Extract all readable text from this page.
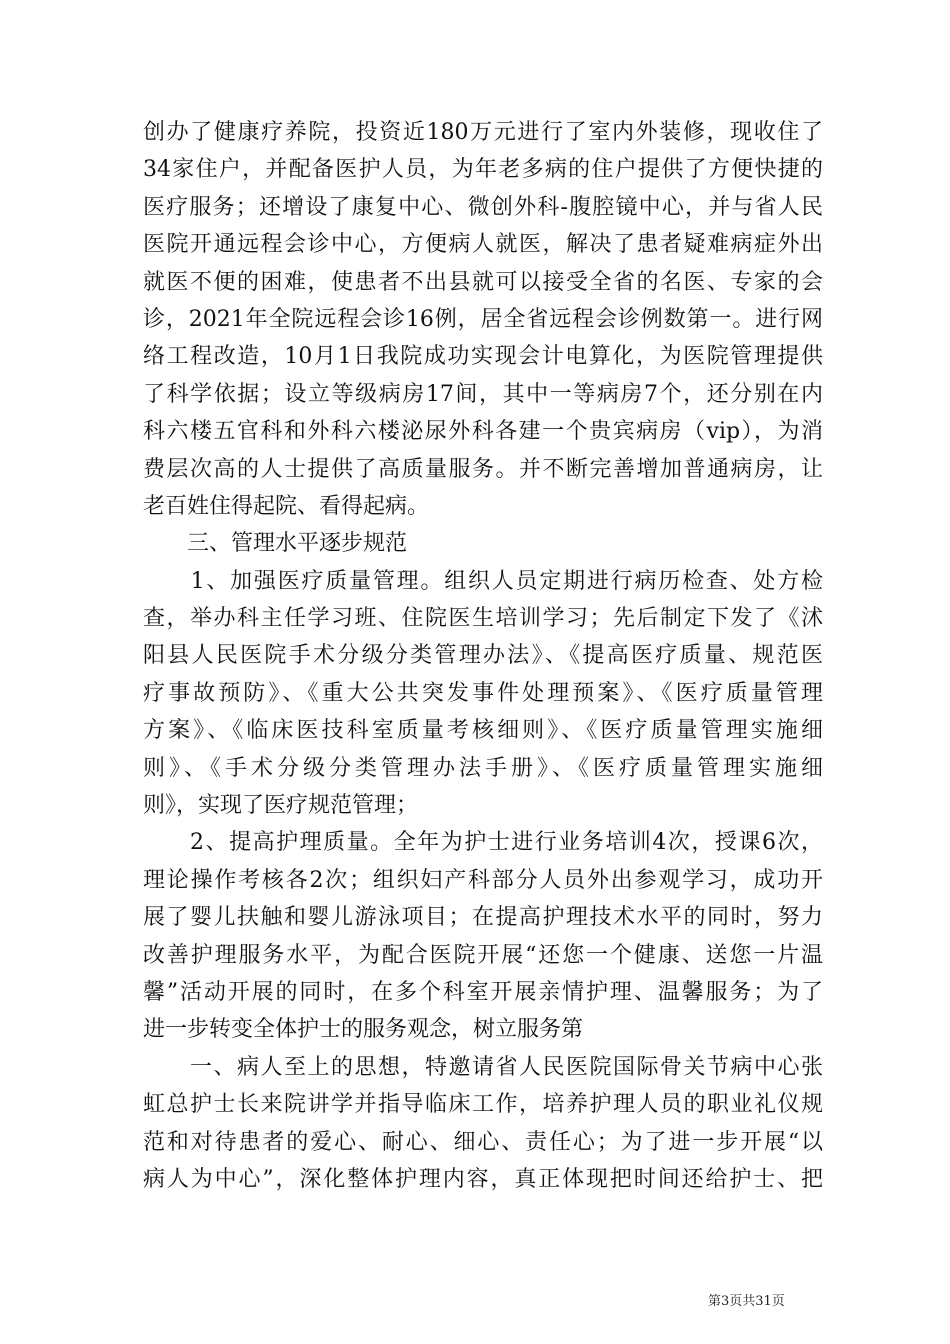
创办了健康疗养院，投资近180万元进行了室内外装修，现收住了
34家住户，并配备医护人员，为年老多病的住户提供了方便快捷的
医疗服务；还增设了康复中心、微创外科-腹腔镜中心，并与省人民
医院开通远程会诊中心，方便病人就医，解决了患者疑难病症外出
就医不便的困难，使患者不出县就可以接受全省的名医、专家的会
诊，2021年全院远程会诊16例，居全省远程会诊例数第一。进行网
络工程改造，10月1日我院成功实现会计电算化，为医院管理提供
了科学依据；设立等级病房17间，其中一等病房7个，还分别在内
科六楼五官科和外科六楼泌尿外科各建一个贵宾病房（vip），为消
费层次高的人士提供了高质量服务。并不断完善增加普通病房，让
老百姓住得起院、看得起病。
　　三、管理水平逐步规范
　　1、加强医疗质量管理。组织人员定期进行病历检查、处方检
查，举办科主任学习班、住院医生培训学习；先后制定下发了《沭
阳县人民医院手术分级分类管理办法》、《提高医疗质量、规范医
疗事故预防》、《重大公共突发事件处理预案》、《医疗质量管理
方案》、《临床医技科室质量考核细则》、《医疗质量管理实施细
则》、《手术分级分类管理办法手册》、《医疗质量管理实施细
则》，实现了医疗规范管理；
　　2、提高护理质量。全年为护士进行业务培训4次，授课6次，
理论操作考核各2次；组织妇产科部分人员外出参观学习，成功开
展了婴儿扶触和婴儿游泳项目；在提高护理技术水平的同时，努力
改善护理服务水平，为配合医院开展“还您一个健康、送您一片温
馨”活动开展的同时，在多个科室开展亲情护理、温馨服务；为了
进一步转变全体护士的服务观念，树立服务第
　　一、病人至上的思想，特邀请省人民医院国际骨关节病中心张
虹总护士长来院讲学并指导临床工作，培养护理人员的职业礼仪规
范和对待患者的爱心、耐心、细心、责任心；为了进一步开展“以
病人为中心”，深化整体护理内容，真正体现把时间还给护士、把
第3页共31页
